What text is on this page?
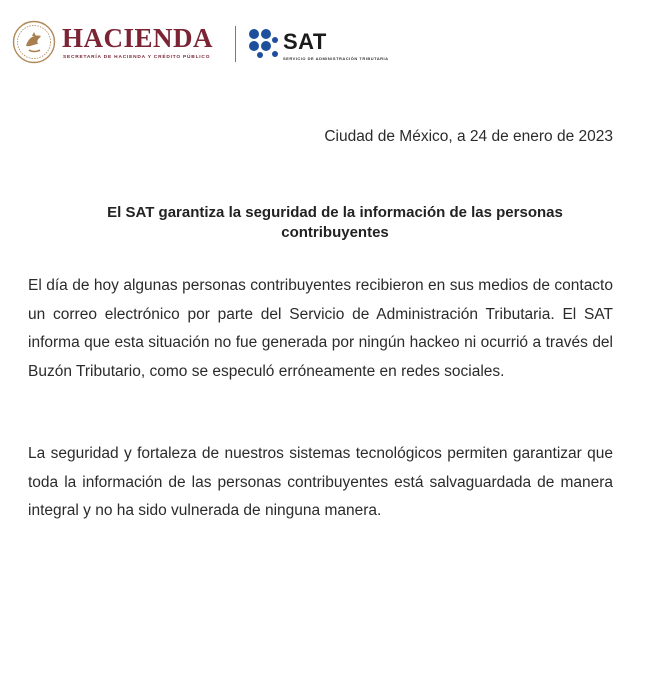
HACIENDA
SECRETARÍA DE HACIENDA Y CRÉDITO PÚBLICO
SAT
SERVICIO DE ADMINISTRACIÓN TRIBUTARIA
Ciudad de México, a 24 de enero de 2023
El SAT garantiza la seguridad de la información de las personas contribuyentes
El día de hoy algunas personas contribuyentes recibieron en sus medios de contacto un correo electrónico por parte del Servicio de Administración Tributaria. El SAT informa que esta situación no fue generada por ningún hackeo ni ocurrió a través del Buzón Tributario, como se especuló erróneamente en redes sociales.
La seguridad y fortaleza de nuestros sistemas tecnológicos permiten garantizar que toda la información de las personas contribuyentes está salvaguardada de manera integral y no ha sido vulnerada de ninguna manera.
